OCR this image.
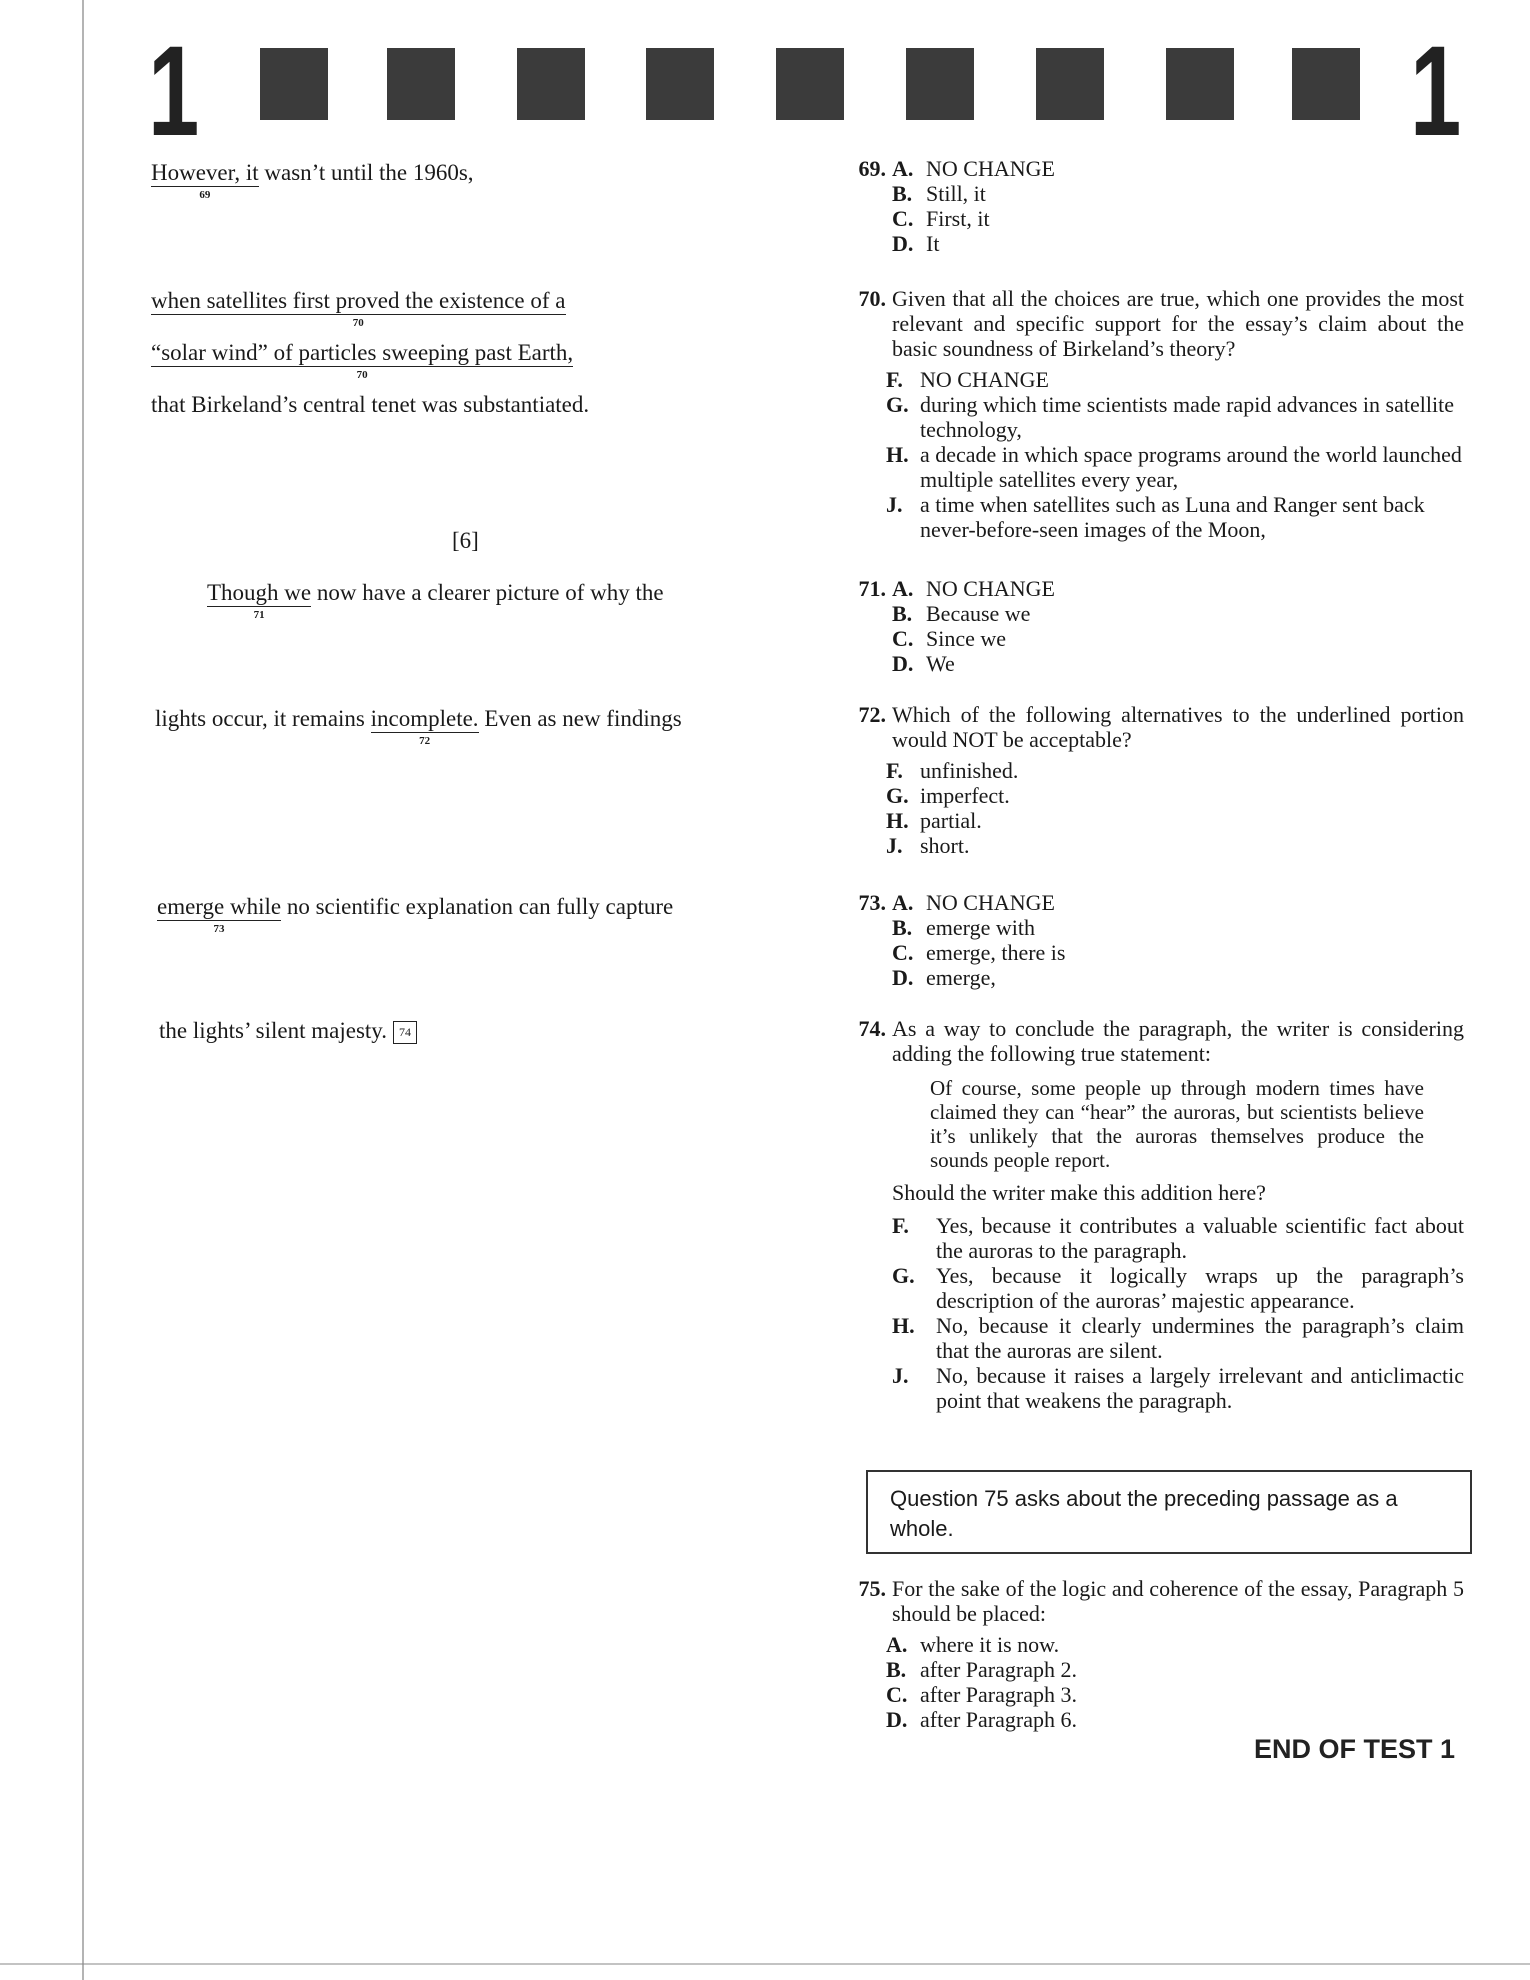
1	1
However, it
69
wasn’t until the 1960s,
when satellites first proved the existence of a
70
“solar wind” of particles sweeping past Earth,
70
that Birkeland’s central tenet was substantiated.
[6]
Though we
71
now have a clearer picture of why the
lights occur, it remains incomplete.
72
Even as new findings
emerge while
73
no scientific explanation can fully capture
the lights’ silent majesty. 74
69. A. NO CHANGE
B. Still, it
C. First, it
D. It
70. Given that all the choices are true, which one provides the most relevant and specific support for the essay’s claim about the basic soundness of Birkeland’s theory?
F. NO CHANGE
G. during which time scientists made rapid advances in satellite technology,
H. a decade in which space programs around the world launched multiple satellites every year,
J. a time when satellites such as Luna and Ranger sent back never-before-seen images of the Moon,
71. A. NO CHANGE
B. Because we
C. Since we
D. We
72. Which of the following alternatives to the underlined portion would NOT be acceptable?
F. unfinished.
G. imperfect.
H. partial.
J. short.
73. A. NO CHANGE
B. emerge with
C. emerge, there is
D. emerge,
74. As a way to conclude the paragraph, the writer is considering adding the following true statement:
Of course, some people up through modern times have claimed they can “hear” the auroras, but scientists believe it’s unlikely that the auroras themselves produce the sounds people report.
Should the writer make this addition here?
F.	Yes, because it contributes a valuable scientific fact about the auroras to the paragraph.
G. Yes, because it logically wraps up the paragraph’s description of the auroras’ majestic appearance.
H. No, because it clearly undermines the paragraph’s claim that the auroras are silent.
J.	No, because it raises a largely irrelevant and anticlimactic point that weakens the paragraph.
Question 75 asks about the preceding passage as a whole.
75. For the sake of the logic and coherence of the essay, Paragraph 5 should be placed:
A. where it is now.
B. after Paragraph 2.
C. after Paragraph 3.
D. after Paragraph 6.
END OF TEST 1
